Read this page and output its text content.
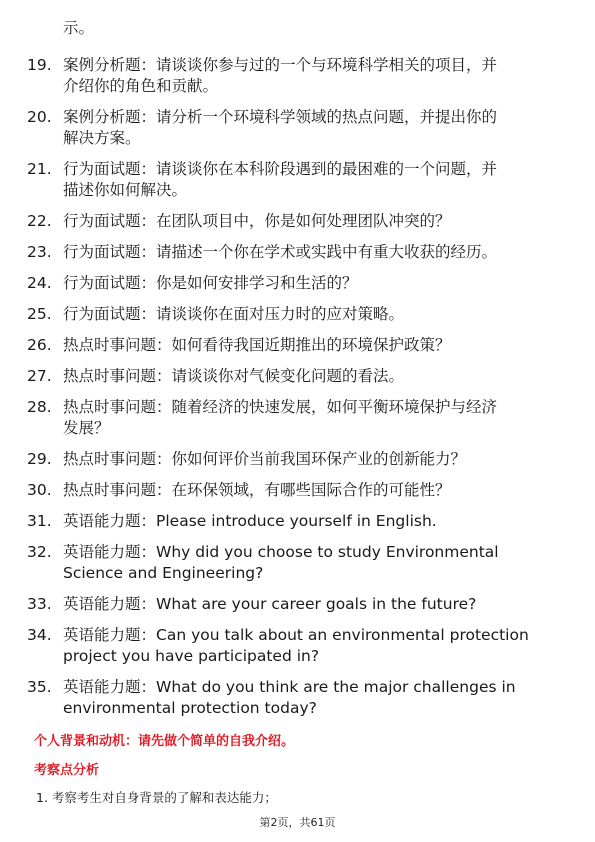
示。
19. 案例分析题：请谈谈你参与过的一个与环境科学相关的项目，并
介绍你的角色和贡献。
20. 案例分析题：请分析一个环境科学领域的热点问题，并提出你的
解决方案。
21. 行为面试题：请谈谈你在本科阶段遇到的最困难的一个问题，并
描述你如何解决。
22. 行为面试题：在团队项目中，你是如何处理团队冲突的？
23. 行为面试题：请描述一个你在学术或实践中有重大收获的经历。
24. 行为面试题：你是如何安排学习和生活的？
25. 行为面试题：请谈谈你在面对压力时的应对策略。
26. 热点时事问题：如何看待我国近期推出的环境保护政策？
27. 热点时事问题：请谈谈你对气候变化问题的看法。
28. 热点时事问题：随着经济的快速发展，如何平衡环境保护与经济
发展？
29. 热点时事问题：你如何评价当前我国环保产业的创新能力？
30. 热点时事问题：在环保领域，有哪些国际合作的可能性？
31. 英语能力题：Please introduce yourself in English.
32. 英语能力题：Why did you choose to study Environmental
Science and Engineering?
33. 英语能力题：What are your career goals in the future?
34. 英语能力题：Can you talk about an environmental protection
project you have participated in?
35. 英语能力题：What do you think are the major challenges in
environmental protection today?
个人背景和动机：请先做个简单的自我介绍。
考察点分析
1. 考察考生对自身背景的了解和表达能力；
第2页，共61页
